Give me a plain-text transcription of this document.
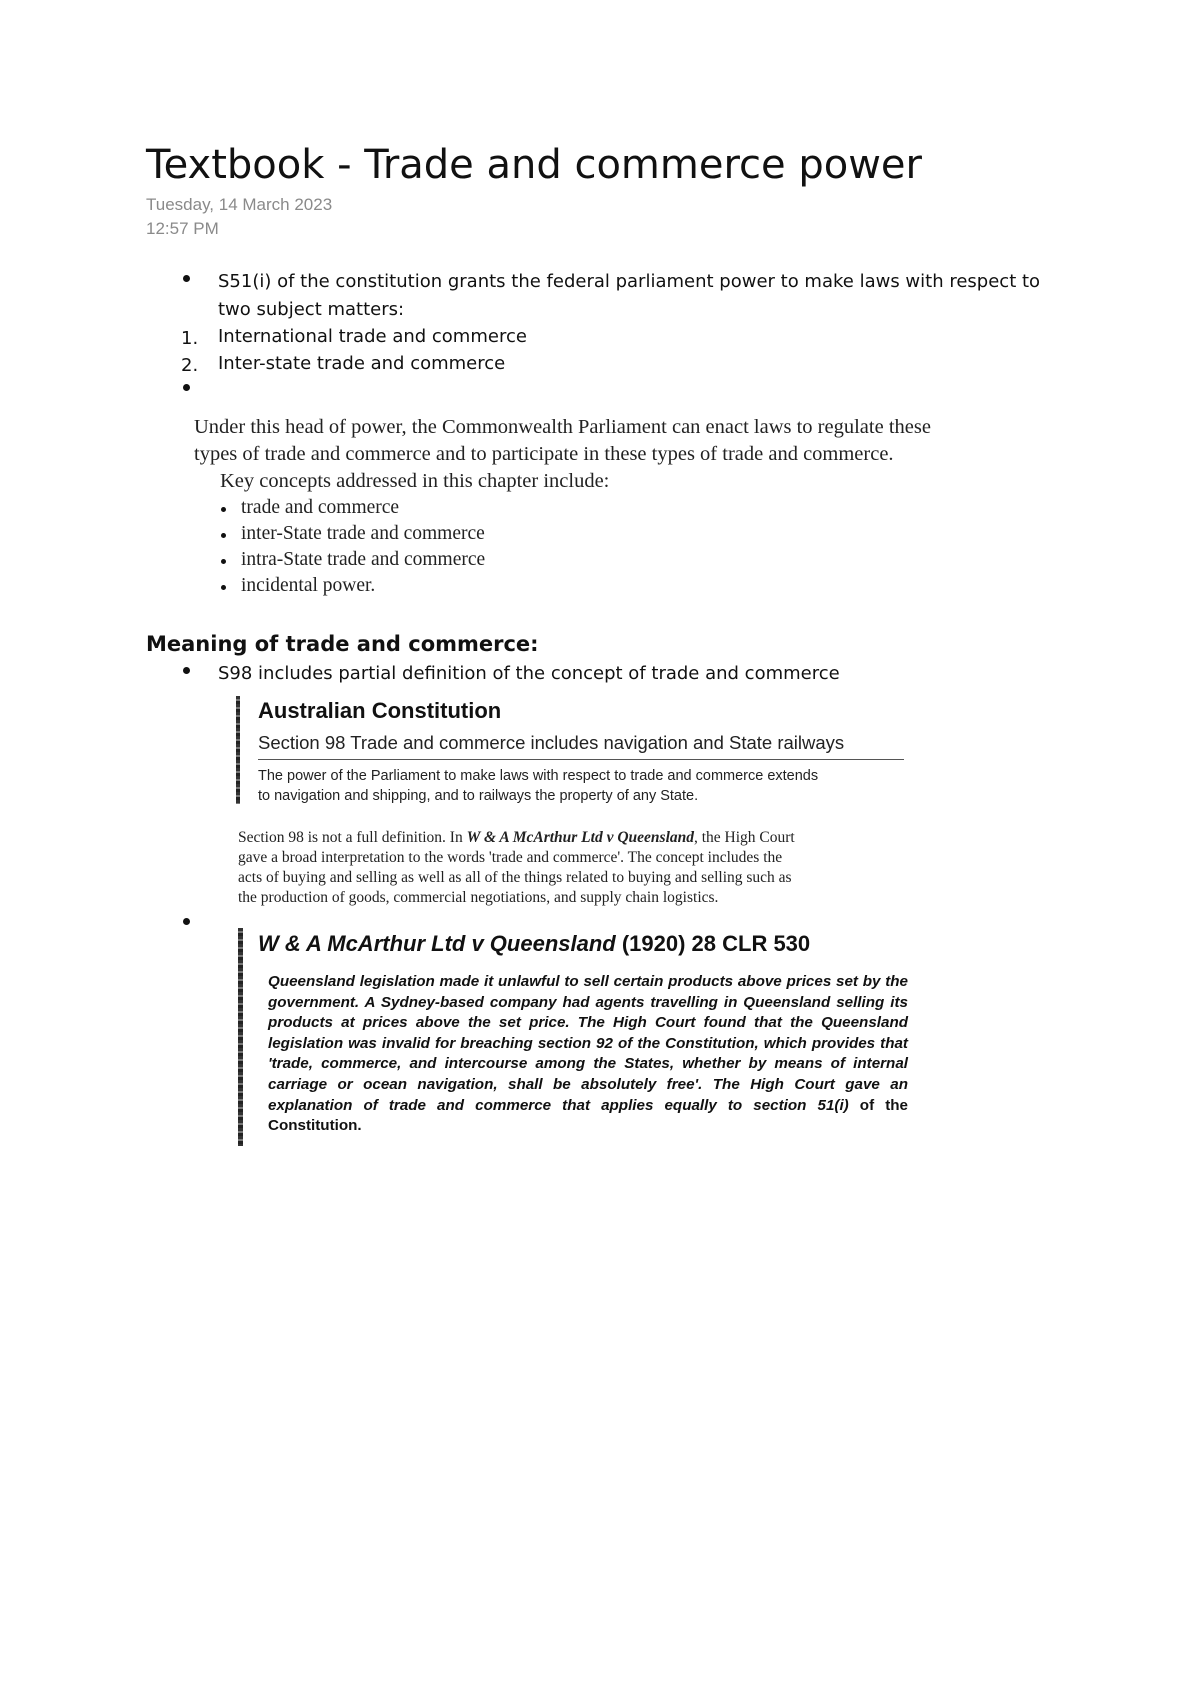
Textbook - Trade and commerce power
Tuesday, 14 March 2023
12:57 PM
S51(i) of the constitution grants the federal parliament power to make laws with respect to
two subject matters:
1. International trade and commerce
2. Inter-state trade and commerce
Under this head of power, the Commonwealth Parliament can enact laws to regulate these
types of trade and commerce and to participate in these types of trade and commerce.
Key concepts addressed in this chapter include:
trade and commerce
inter-State trade and commerce
intra-State trade and commerce
incidental power.
Meaning of trade and commerce:
S98 includes partial definition of the concept of trade and commerce
Australian Constitution
Section 98 Trade and commerce includes navigation and State railways
The power of the Parliament to make laws with respect to trade and commerce extends
to navigation and shipping, and to railways the property of any State.
Section 98 is not a full definition. In W & A McArthur Ltd v Queensland, the High Court
gave a broad interpretation to the words 'trade and commerce'. The concept includes the
acts of buying and selling as well as all of the things related to buying and selling such as
the production of goods, commercial negotiations, and supply chain logistics.
W & A McArthur Ltd v Queensland (1920) 28 CLR 530
Queensland legislation made it unlawful to sell certain products above prices set by the government. A Sydney-based company had agents travelling in Queensland selling its products at prices above the set price. The High Court found that the Queensland legislation was invalid for breaching section 92 of the Constitution, which provides that 'trade, commerce, and intercourse among the States, whether by means of internal carriage or ocean navigation, shall be absolutely free'. The High Court gave an explanation of trade and commerce that applies equally to section 51(i) of the Constitution.
